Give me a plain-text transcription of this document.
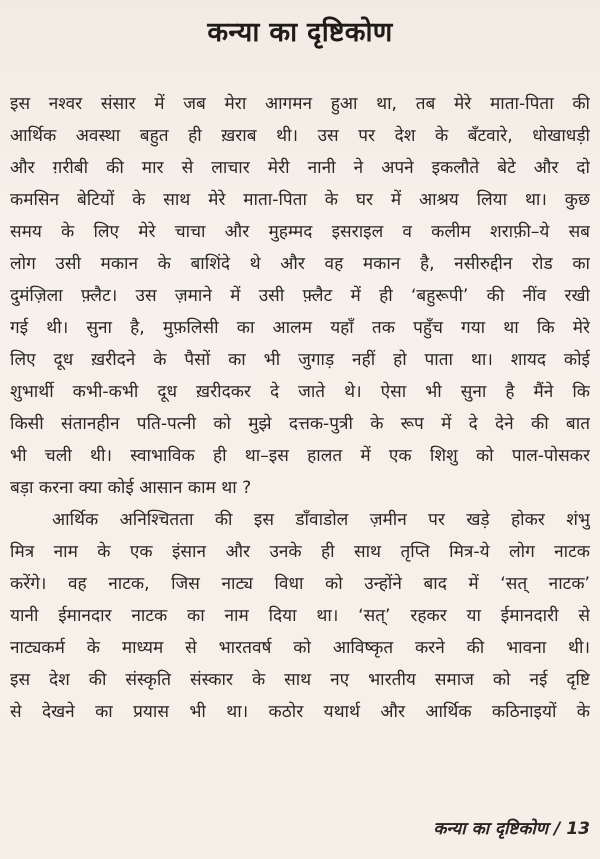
कन्या का दृष्टिकोण
इस नश्वर संसार में जब मेरा आगमन हुआ था, तब मेरे माता-पिता की
आर्थिक अवस्था बहुत ही ख़राब थी। उस पर देश के बँटवारे, धोखाधड़ी
और ग़रीबी की मार से लाचार मेरी नानी ने अपने इकलौते बेटे और दो
कमसिन बेटियों के साथ मेरे माता-पिता के घर में आश्रय लिया था। कुछ
समय के लिए मेरे चाचा और मुहम्मद इसराइल व कलीम शराफ़ी–ये सब
लोग उसी मकान के बाशिंदे थे और वह मकान है, नसीरुद्दीन रोड का
दुमंज़िला फ़्लैट। उस ज़माने में उसी फ़्लैट में ही ‘बहुरूपी’ की नींव रखी
गई थी। सुना है, मुफ़लिसी का आलम यहाँ तक पहुँच गया था कि मेरे
लिए दूध ख़रीदने के पैसों का भी जुगाड़ नहीं हो पाता था। शायद कोई
शुभार्थी कभी-कभी दूध ख़रीदकर दे जाते थे। ऐसा भी सुना है मैंने कि
किसी संतानहीन पति-पत्नी को मुझे दत्तक-पुत्री के रूप में दे देने की बात
भी चली थी। स्वाभाविक ही था–इस हालत में एक शिशु को पाल-पोसकर
बड़ा करना क्या कोई आसान काम था ?
आर्थिक अनिश्चितता की इस डाँवाडोल ज़मीन पर खड़े होकर शंभु
मित्र नाम के एक इंसान और उनके ही साथ तृप्ति मित्र-ये लोग नाटक
करेंगे। वह नाटक, जिस नाट्य विधा को उन्होंने बाद में ‘सत् नाटक’
यानी ईमानदार नाटक का नाम दिया था। ‘सत्’ रहकर या ईमानदारी से
नाट्यकर्म के माध्यम से भारतवर्ष को आविष्कृत करने की भावना थी।
इस देश की संस्कृति संस्कार के साथ नए भारतीय समाज को नई दृष्टि
से देखने का प्रयास भी था। कठोर यथार्थ और आर्थिक कठिनाइयों के
कन्या का दृष्टिकोण / 13
